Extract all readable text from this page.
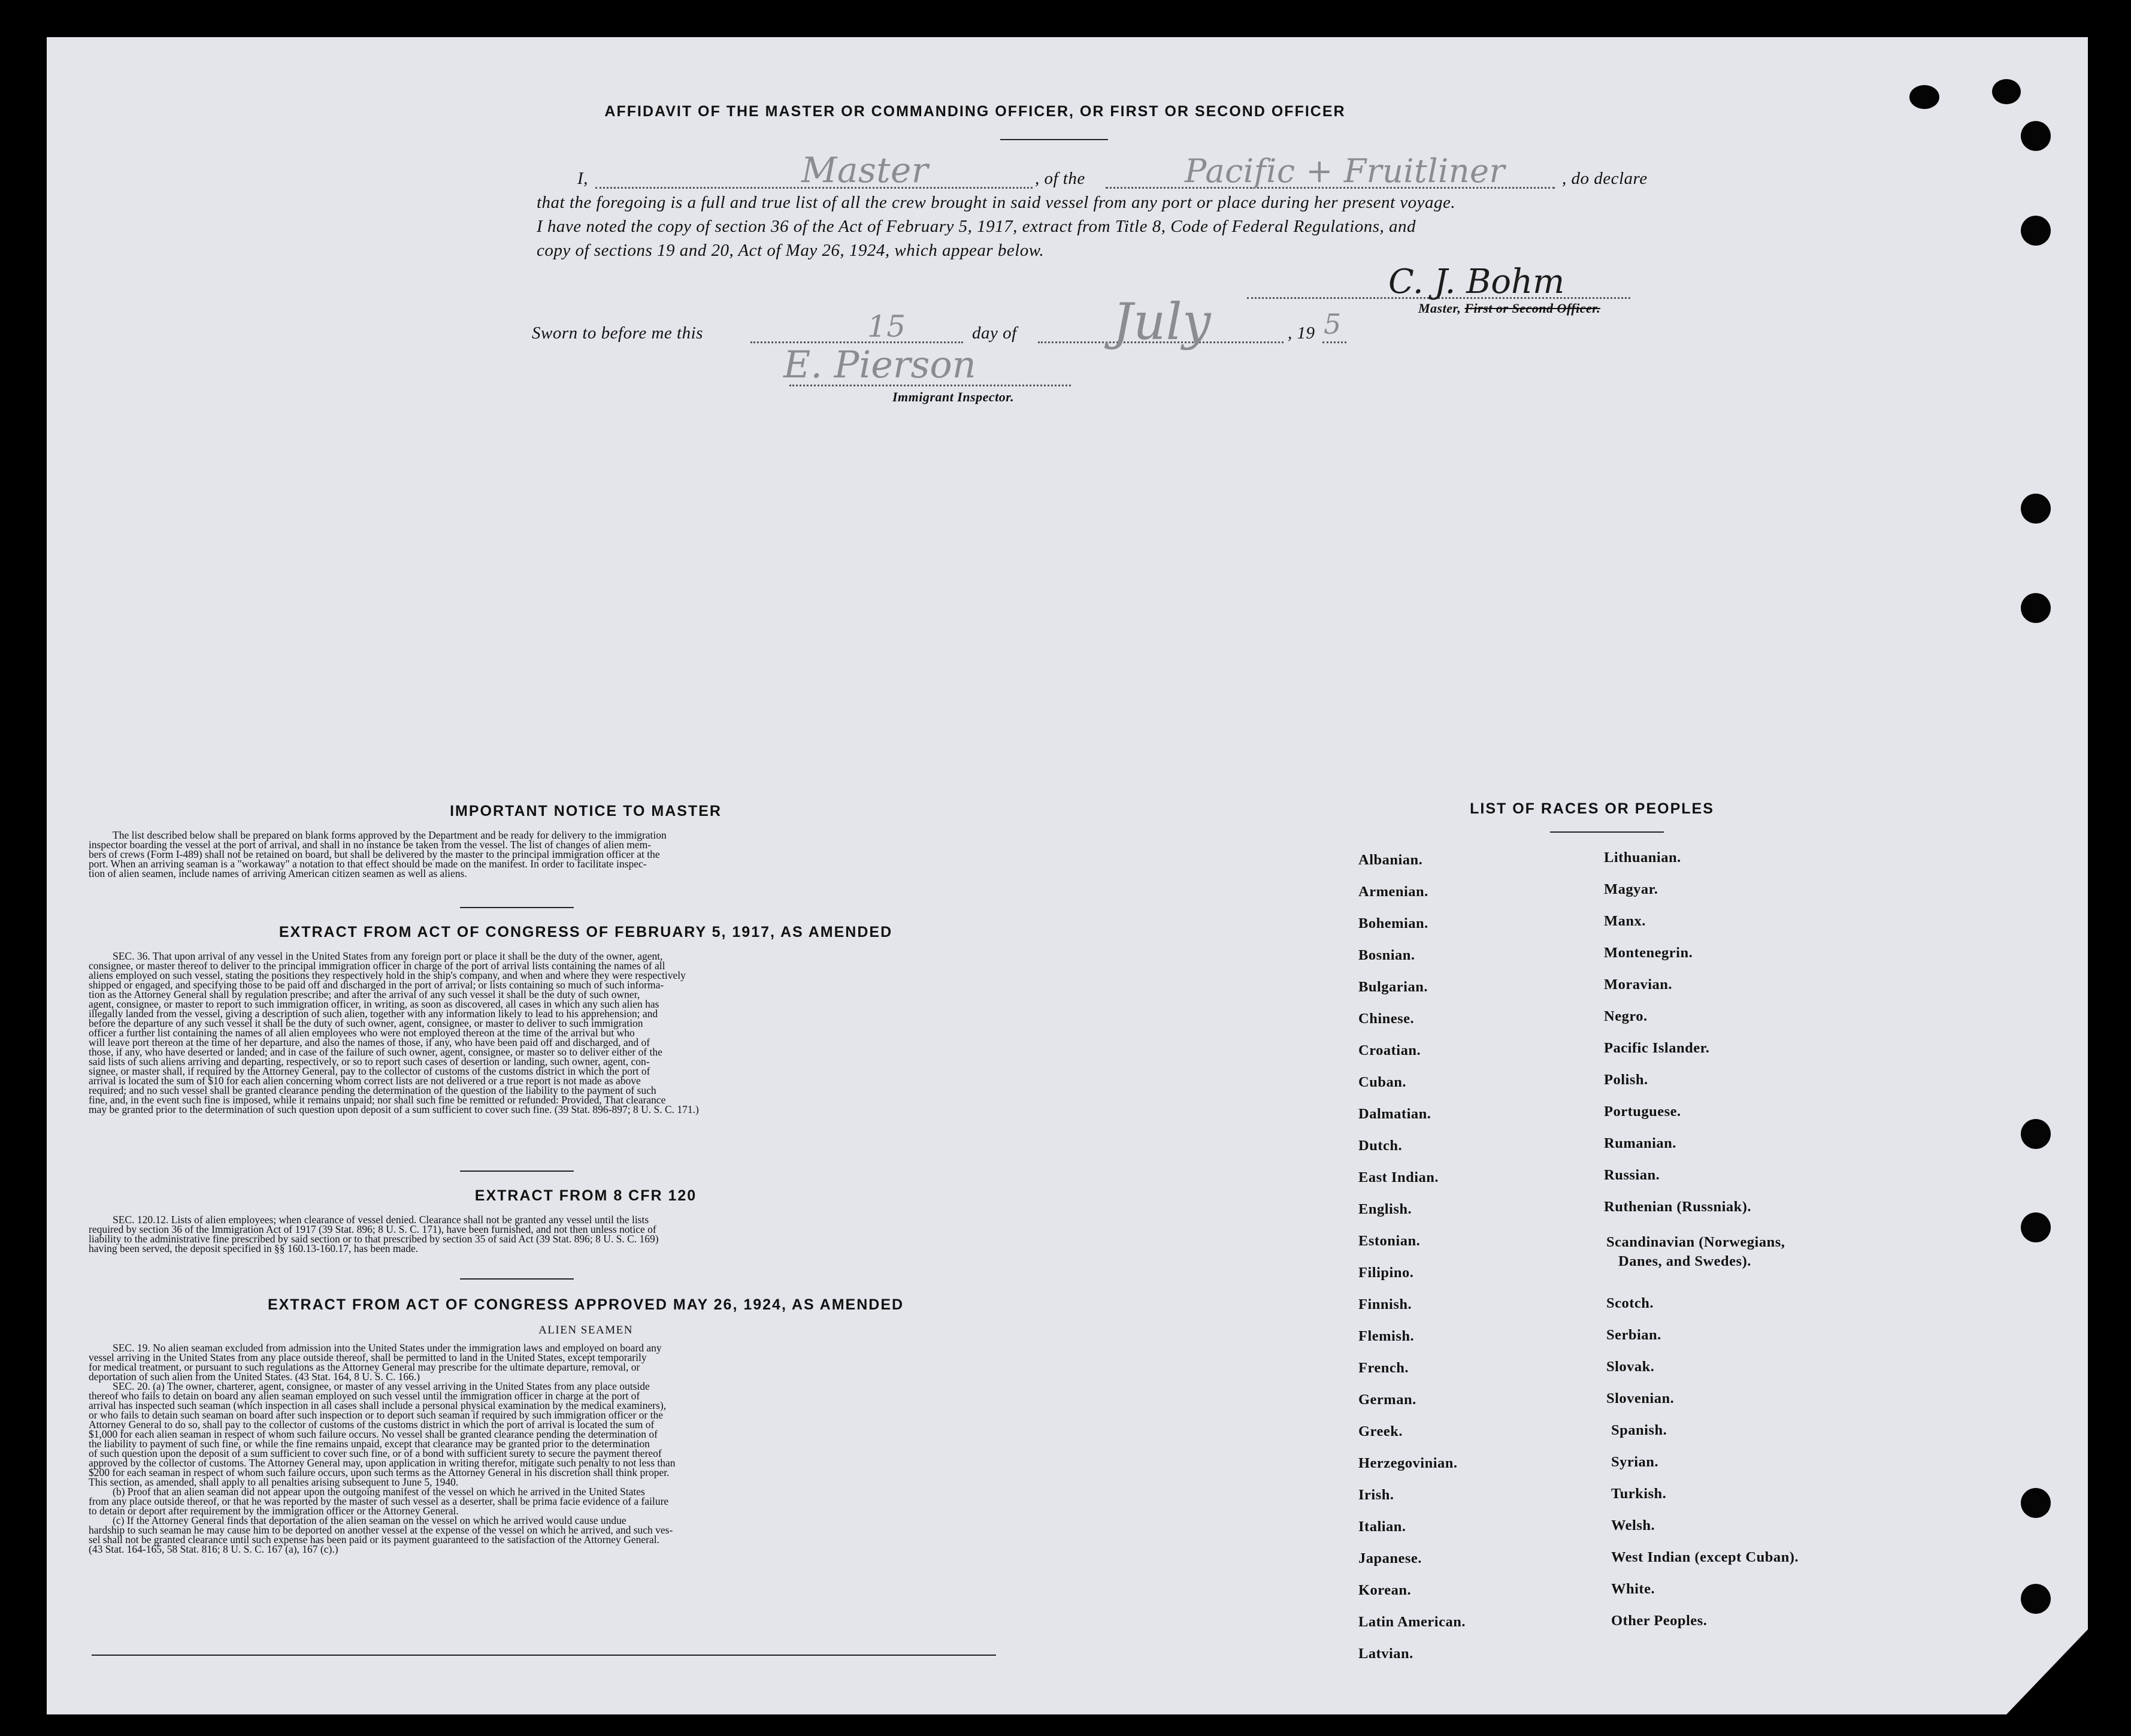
AFFIDAVIT OF THE MASTER OR COMMANDING OFFICER, OR FIRST OR SECOND OFFICER
I,	Master	, of the	Pacific + Fruitliner	, do declare
that the foregoing is a full and true list of all the crew brought in said vessel from any port or place during her present voyage.
I have noted the copy of section 36 of the Act of February 5, 1917, extract from Title 8, Code of Federal Regulations, and
copy of sections 19 and 20, Act of May 26, 1924, which appear below.
C. J. Bohm
Master, First or Second Officer.
Sworn to before me this	15	day of July	, 19 5
E. Pierson
Immigrant Inspector.
IMPORTANT NOTICE TO MASTER
The list described below shall be prepared on blank forms approved by the Department and be ready for delivery to the immigration
inspector boarding the vessel at the port of arrival, and shall in no instance be taken from the vessel. The list of changes of alien mem-
bers of crews (Form I-489) shall not be retained on board, but shall be delivered by the master to the principal immigration officer at the
port. When an arriving seaman is a "workaway" a notation to that effect should be made on the manifest. In order to facilitate inspec-
tion of alien seamen, include names of arriving American citizen seamen as well as aliens.
EXTRACT FROM ACT OF CONGRESS OF FEBRUARY 5, 1917, AS AMENDED
SEC. 36. That upon arrival of any vessel in the United States from any foreign port or place it shall be the duty of the owner, agent,
consignee, or master thereof to deliver to the principal immigration officer in charge of the port of arrival lists containing the names of all
aliens employed on such vessel, stating the positions they respectively hold in the ship's company, and when and where they were respectively
shipped or engaged, and specifying those to be paid off and discharged in the port of arrival; or lists containing so much of such informa-
tion as the Attorney General shall by regulation prescribe; and after the arrival of any such vessel it shall be the duty of such owner,
agent, consignee, or master to report to such immigration officer, in writing, as soon as discovered, all cases in which any such alien has
illegally landed from the vessel, giving a description of such alien, together with any information likely to lead to his apprehension; and
before the departure of any such vessel it shall be the duty of such owner, agent, consignee, or master to deliver to such immigration
officer a further list containing the names of all alien employees who were not employed thereon at the time of the arrival but who
will leave port thereon at the time of her departure, and also the names of those, if any, who have been paid off and discharged, and of
those, if any, who have deserted or landed; and in case of the failure of such owner, agent, consignee, or master so to deliver either of the
said lists of such aliens arriving and departing, respectively, or so to report such cases of desertion or landing, such owner, agent, con-
signee, or master shall, if required by the Attorney General, pay to the collector of customs of the customs district in which the port of
arrival is located the sum of $10 for each alien concerning whom correct lists are not delivered or a true report is not made as above
required; and no such vessel shall be granted clearance pending the determination of the question of the liability to the payment of such
fine, and, in the event such fine is imposed, while it remains unpaid; nor shall such fine be remitted or refunded: Provided, That clearance
may be granted prior to the determination of such question upon deposit of a sum sufficient to cover such fine. (39 Stat. 896-897; 8 U. S. C. 171.)
EXTRACT FROM 8 CFR 120
SEC. 120.12. Lists of alien employees; when clearance of vessel denied. Clearance shall not be granted any vessel until the lists
required by section 36 of the Immigration Act of 1917 (39 Stat. 896; 8 U. S. C. 171), have been furnished, and not then unless notice of
liability to the administrative fine prescribed by said section or to that prescribed by section 35 of said Act (39 Stat. 896; 8 U. S. C. 169)
having been served, the deposit specified in §§ 160.13-160.17, has been made.
EXTRACT FROM ACT OF CONGRESS APPROVED MAY 26, 1924, AS AMENDED
ALIEN SEAMEN
SEC. 19. No alien seaman excluded from admission into the United States under the immigration laws and employed on board any
vessel arriving in the United States from any place outside thereof, shall be permitted to land in the United States, except temporarily
for medical treatment, or pursuant to such regulations as the Attorney General may prescribe for the ultimate departure, removal, or
deportation of such alien from the United States. (43 Stat. 164, 8 U. S. C. 166.)
SEC. 20. (a) The owner, charterer, agent, consignee, or master of any vessel arriving in the United States from any place outside
thereof who fails to detain on board any alien seaman employed on such vessel until the immigration officer in charge at the port of
arrival has inspected such seaman (which inspection in all cases shall include a personal physical examination by the medical examiners),
or who fails to detain such seaman on board after such inspection or to deport such seaman if required by such immigration officer or the
Attorney General to do so, shall pay to the collector of customs of the customs district in which the port of arrival is located the sum of
$1,000 for each alien seaman in respect of whom such failure occurs. No vessel shall be granted clearance pending the determination of
the liability to payment of such fine, or while the fine remains unpaid, except that clearance may be granted prior to the determination
of such question upon the deposit of a sum sufficient to cover such fine, or of a bond with sufficient surety to secure the payment thereof
approved by the collector of customs. The Attorney General may, upon application in writing therefor, mitigate such penalty to not less than
$200 for each seaman in respect of whom such failure occurs, upon such terms as the Attorney General in his discretion shall think proper.
This section, as amended, shall apply to all penalties arising subsequent to June 5, 1940.
(b) Proof that an alien seaman did not appear upon the outgoing manifest of the vessel on which he arrived in the United States
from any place outside thereof, or that he was reported by the master of such vessel as a deserter, shall be prima facie evidence of a failure
to detain or deport after requirement by the immigration officer or the Attorney General.
(c) If the Attorney General finds that deportation of the alien seaman on the vessel on which he arrived would cause undue
hardship to such seaman he may cause him to be deported on another vessel at the expense of the vessel on which he arrived, and such ves-
sel shall not be granted clearance until such expense has been paid or its payment guaranteed to the satisfaction of the Attorney General.
(43 Stat. 164-165, 58 Stat. 816; 8 U. S. C. 167 (a), 167 (c).)
LIST OF RACES OR PEOPLES
Albanian.
Armenian.
Bohemian.
Bosnian.
Bulgarian.
Chinese.
Croatian.
Cuban.
Dalmatian.
Dutch.
East Indian.
English.
Estonian.
Filipino.
Finnish.
Flemish.
French.
German.
Greek.
Herzegovinian.
Irish.
Italian.
Japanese.
Korean.
Latin American.
Latvian.
Lithuanian.
Magyar.
Manx.
Montenegrin.
Moravian.
Negro.
Pacific Islander.
Polish.
Portuguese.
Rumanian.
Russian.
Ruthenian (Russniak).
Scandinavian (Norwegians,
Danes, and Swedes).
Scotch.
Serbian.
Slovak.
Slovenian.
Spanish.
Syrian.
Turkish.
Welsh.
West Indian (except Cuban).
White.
Other Peoples.
